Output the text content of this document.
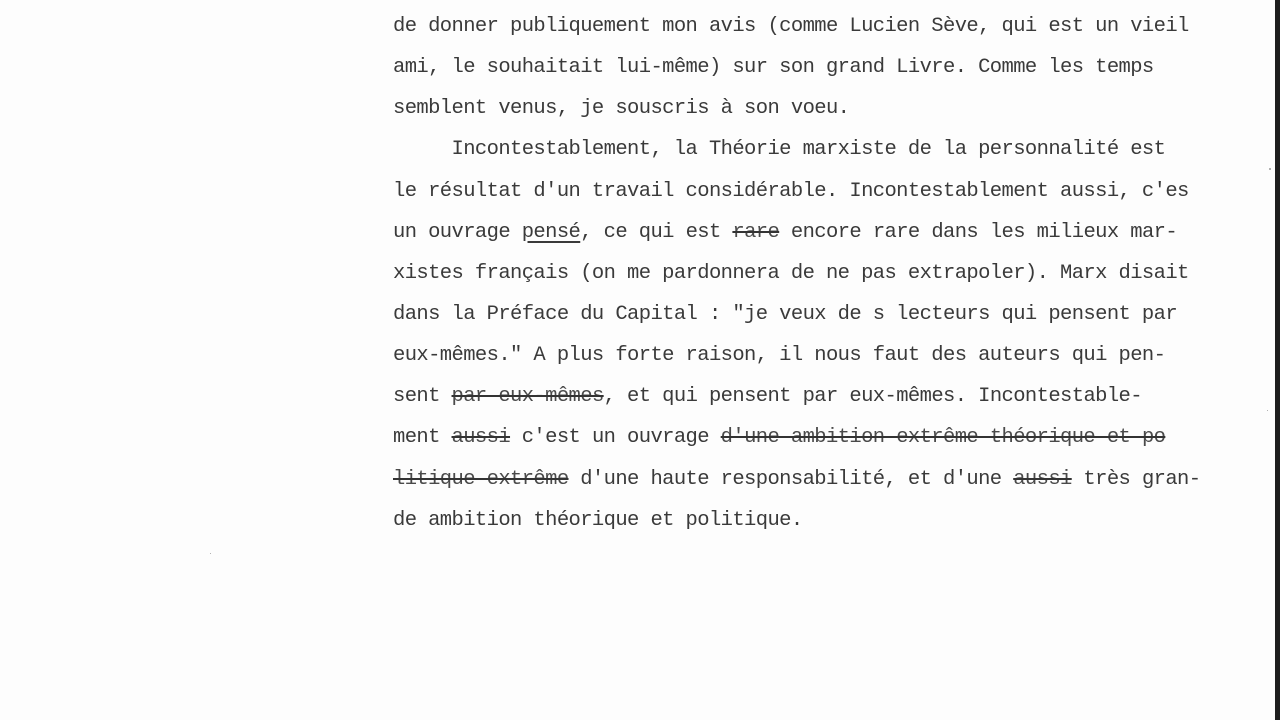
de donner publiquement mon avis (comme Lucien Sève, qui est un vieil
ami, le souhaitait lui-même) sur son grand Livre. Comme les temps
semblent venus, je souscris à son voeu.
Incontestablement, la Théorie marxiste de la personnalité est
le résultat d'un travail considérable. Incontestablement aussi, c'es
un ouvrage pensé, ce qui est rare encore rare dans les milieux mar-
xistes français (on me pardonnera de ne pas extrapoler). Marx disait
dans la Préface du Capital : "je veux de s lecteurs qui pensent par
eux-mêmes." A plus forte raison, il nous faut des auteurs qui pen-
sent par eux-mêmes, et qui pensent par eux-mêmes. Incontestable-
ment aussi c'est un ouvrage d'une ambition extrême théorique et po
litique extrême d'une haute responsabilité, et d'une aussi très gran-
de ambition théorique et politique.
